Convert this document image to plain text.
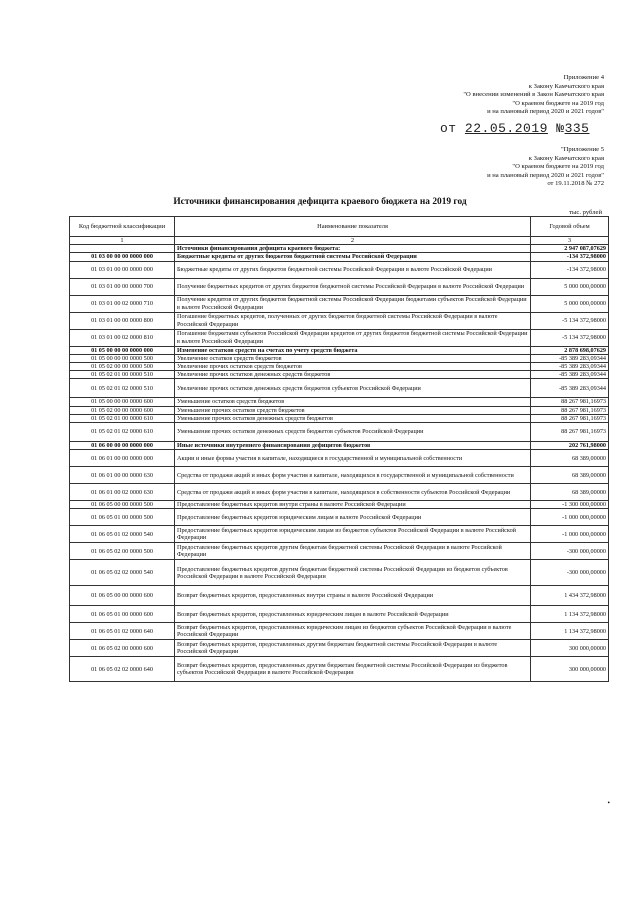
Приложение 4
к Закону Камчатского края
"О внесении изменений в Закон Камчатского края
"О краевом бюджете на 2019 год
и на плановый период 2020 и 2021 годов"
от 22.05.2019 №335
"Приложение 5
к Закону Камчатского края
"О краевом бюджете на 2019 год
и на плановый период 2020 и 2021 годов"
от 19.11.2018 № 272
Источники финансирования дефицита краевого бюджета на 2019 год
тыс. рублей
Код бюджетной классификации	Наименование показателя	Годовой объем
1	2	3
	Источники финансирования дефицита краевого бюджета:	2 947 087,07629
01 03 00 00 00 0000 000	Бюджетные кредиты от других бюджетов бюджетной системы Российской Федерации	-134 372,98000
01 03 01 00 00 0000 000	Бюджетные кредиты от других бюджетов бюджетной системы Российской Федерации в валюте Российской Федерации	-134 372,98000
01 03 01 00 00 0000 700	Получение бюджетных кредитов от других бюджетов бюджетной системы Российской Федерации в валюте Российской Федерации	5 000 000,00000
01 03 01 00 02 0000 710	Получение кредитов от других бюджетов бюджетной системы Российской Федерации бюджетами субъектов Российской Федерации в валюте Российской Федерации	5 000 000,00000
01 03 01 00 00 0000 800	Погашение бюджетных кредитов, полученных от других бюджетов бюджетной системы Российской Федерации в валюте Российской Федерации	-5 134 372,98000
01 03 01 00 02 0000 810	Погашение бюджетами субъектов Российской Федерации кредитов от других бюджетов бюджетной системы Российской Федерации в валюте Российской Федерации	-5 134 372,98000
01 05 00 00 00 0000 000	Изменение остатков средств на счетах по учету средств бюджета	2 878 698,07629
01 05 00 00 00 0000 500	Увеличение остатков средств бюджетов	-85 389 283,09344
01 05 02 00 00 0000 500	Увеличение прочих остатков средств бюджетов	-85 389 283,09344
01 05 02 01 00 0000 510	Увеличение прочих остатков денежных средств бюджетов	-85 389 283,09344
01 05 02 01 02 0000 510	Увеличение прочих остатков денежных средств бюджетов субъектов Российской Федерации	-85 389 283,09344
01 05 00 00 00 0000 600	Уменьшение остатков средств бюджетов	88 267 981,16973
01 05 02 00 00 0000 600	Уменьшение прочих остатков средств бюджетов	88 267 981,16973
01 05 02 01 00 0000 610	Уменьшение прочих остатков денежных средств бюджетов	88 267 981,16973
01 05 02 01 02 0000 610	Уменьшение прочих остатков денежных средств бюджетов субъектов Российской Федерации	88 267 981,16973
01 06 00 00 00 0000 000	Иные источники внутреннего финансирования дефицитов бюджетов	202 761,98000
01 06 01 00 00 0000 000	Акции и иные формы участия в капитале, находящиеся в государственной и муниципальной собственности	68 389,00000
01 06 01 00 00 0000 630	Средства от продажи акций и иных форм участия в капитале, находящихся в государственной и муниципальной собственности	68 389,00000
01 06 01 00 02 0000 630	Средства от продажи акций и иных форм участия в капитале, находящихся в собственности субъектов Российской Федерации	68 389,00000
01 06 05 00 00 0000 500	Предоставление бюджетных кредитов внутри страны в валюте Российской Федерации	-1 300 000,00000
01 06 05 01 00 0000 500	Предоставление бюджетных кредитов юридическим лицам в валюте Российской Федерации	-1 000 000,00000
01 06 05 01 02 0000 540	Предоставление бюджетных кредитов юридическим лицам из бюджетов субъектов Российской Федерации в валюте Российской Федерации	-1 000 000,00000
01 06 05 02 00 0000 500	Предоставление бюджетных кредитов другим бюджетам бюджетной системы Российской Федерации в валюте Российской Федерации	-300 000,00000
01 06 05 02 02 0000 540	Предоставление бюджетных кредитов другим бюджетам бюджетной системы Российской Федерации из бюджетов субъектов Российской Федерации в валюте Российской Федерации	-300 000,00000
01 06 05 00 00 0000 600	Возврат бюджетных кредитов, предоставленных внутри страны в валюте Российской Федерации	1 434 372,98000
01 06 05 01 00 0000 600	Возврат бюджетных кредитов, предоставленных юридическим лицам в валюте Российской Федерации	1 134 372,98000
01 06 05 01 02 0000 640	Возврат бюджетных кредитов, предоставленных юридическим лицам из бюджетов субъектов Российской Федерации в валюте Российской Федерации	1 134 372,98000
01 06 05 02 00 0000 600	Возврат бюджетных кредитов, предоставленных другим бюджетам бюджетной системы Российской Федерации в валюте Российской Федерации	300 000,00000
01 06 05 02 02 0000 640	Возврат бюджетных кредитов, предоставленных другим бюджетам бюджетной системы Российской Федерации из бюджетов субъектов Российской Федерации в валюте Российской Федерации	300 000,00000
•
